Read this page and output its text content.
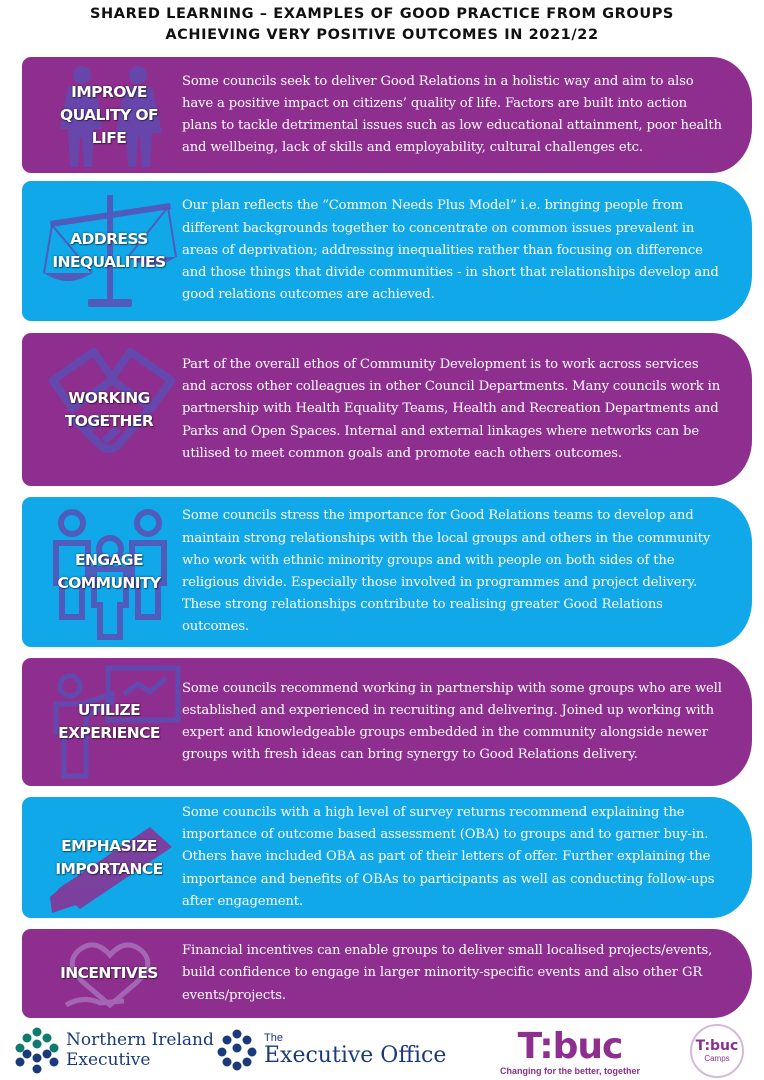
SHARED LEARNING – EXAMPLES OF GOOD PRACTICE FROM GROUPS
ACHIEVING VERY POSITIVE OUTCOMES IN 2021/22
IMPROVE
QUALITY OF
LIFE
Some councils seek to deliver Good Relations in a holistic way and aim to also have a positive impact on citizens’ quality of life. Factors are built into action plans to tackle detrimental issues such as low educational attainment, poor health and wellbeing, lack of skills and employability, cultural challenges etc.
ADDRESS
INEQUALITIES
Our plan reflects the “Common Needs Plus Model” i.e. bringing people from different backgrounds together to concentrate on common issues prevalent in areas of deprivation; addressing inequalities rather than focusing on difference and those things that divide communities - in short that relationships develop and good relations outcomes are achieved.
WORKING
TOGETHER
Part of the overall ethos of Community Development is to work across services and across other colleagues in other Council Departments. Many councils work in partnership with Health Equality Teams, Health and Recreation Departments and Parks and Open Spaces. Internal and external linkages where networks can be utilised to meet common goals and promote each others outcomes.
ENGAGE
COMMUNITY
Some councils stress the importance for Good Relations teams to develop and maintain strong relationships with the local groups and others in the community who work with ethnic minority groups and with people on both sides of the religious divide. Especially those involved in programmes and project delivery. These strong relationships contribute to realising greater Good Relations outcomes.
UTILIZE
EXPERIENCE
Some councils recommend working in partnership with some groups who are well established and experienced in recruiting and delivering. Joined up working with expert and knowledgeable groups embedded in the community alongside newer groups with fresh ideas can bring synergy to Good Relations delivery.
EMPHASIZE
IMPORTANCE
Some councils with a high level of survey returns recommend explaining the importance of outcome based assessment (OBA) to groups and to garner buy-in. Others have included OBA as part of their letters of offer. Further explaining the importance and benefits of OBAs to participants as well as conducting follow-ups after engagement.
INCENTIVES
Financial incentives can enable groups to deliver small localised projects/events, build confidence to engage in larger minority-specific events and also other GR events/projects.
Northern Ireland
Executive
The
Executive Office T:buc
Changing for the better, together
T:buc
Camps
